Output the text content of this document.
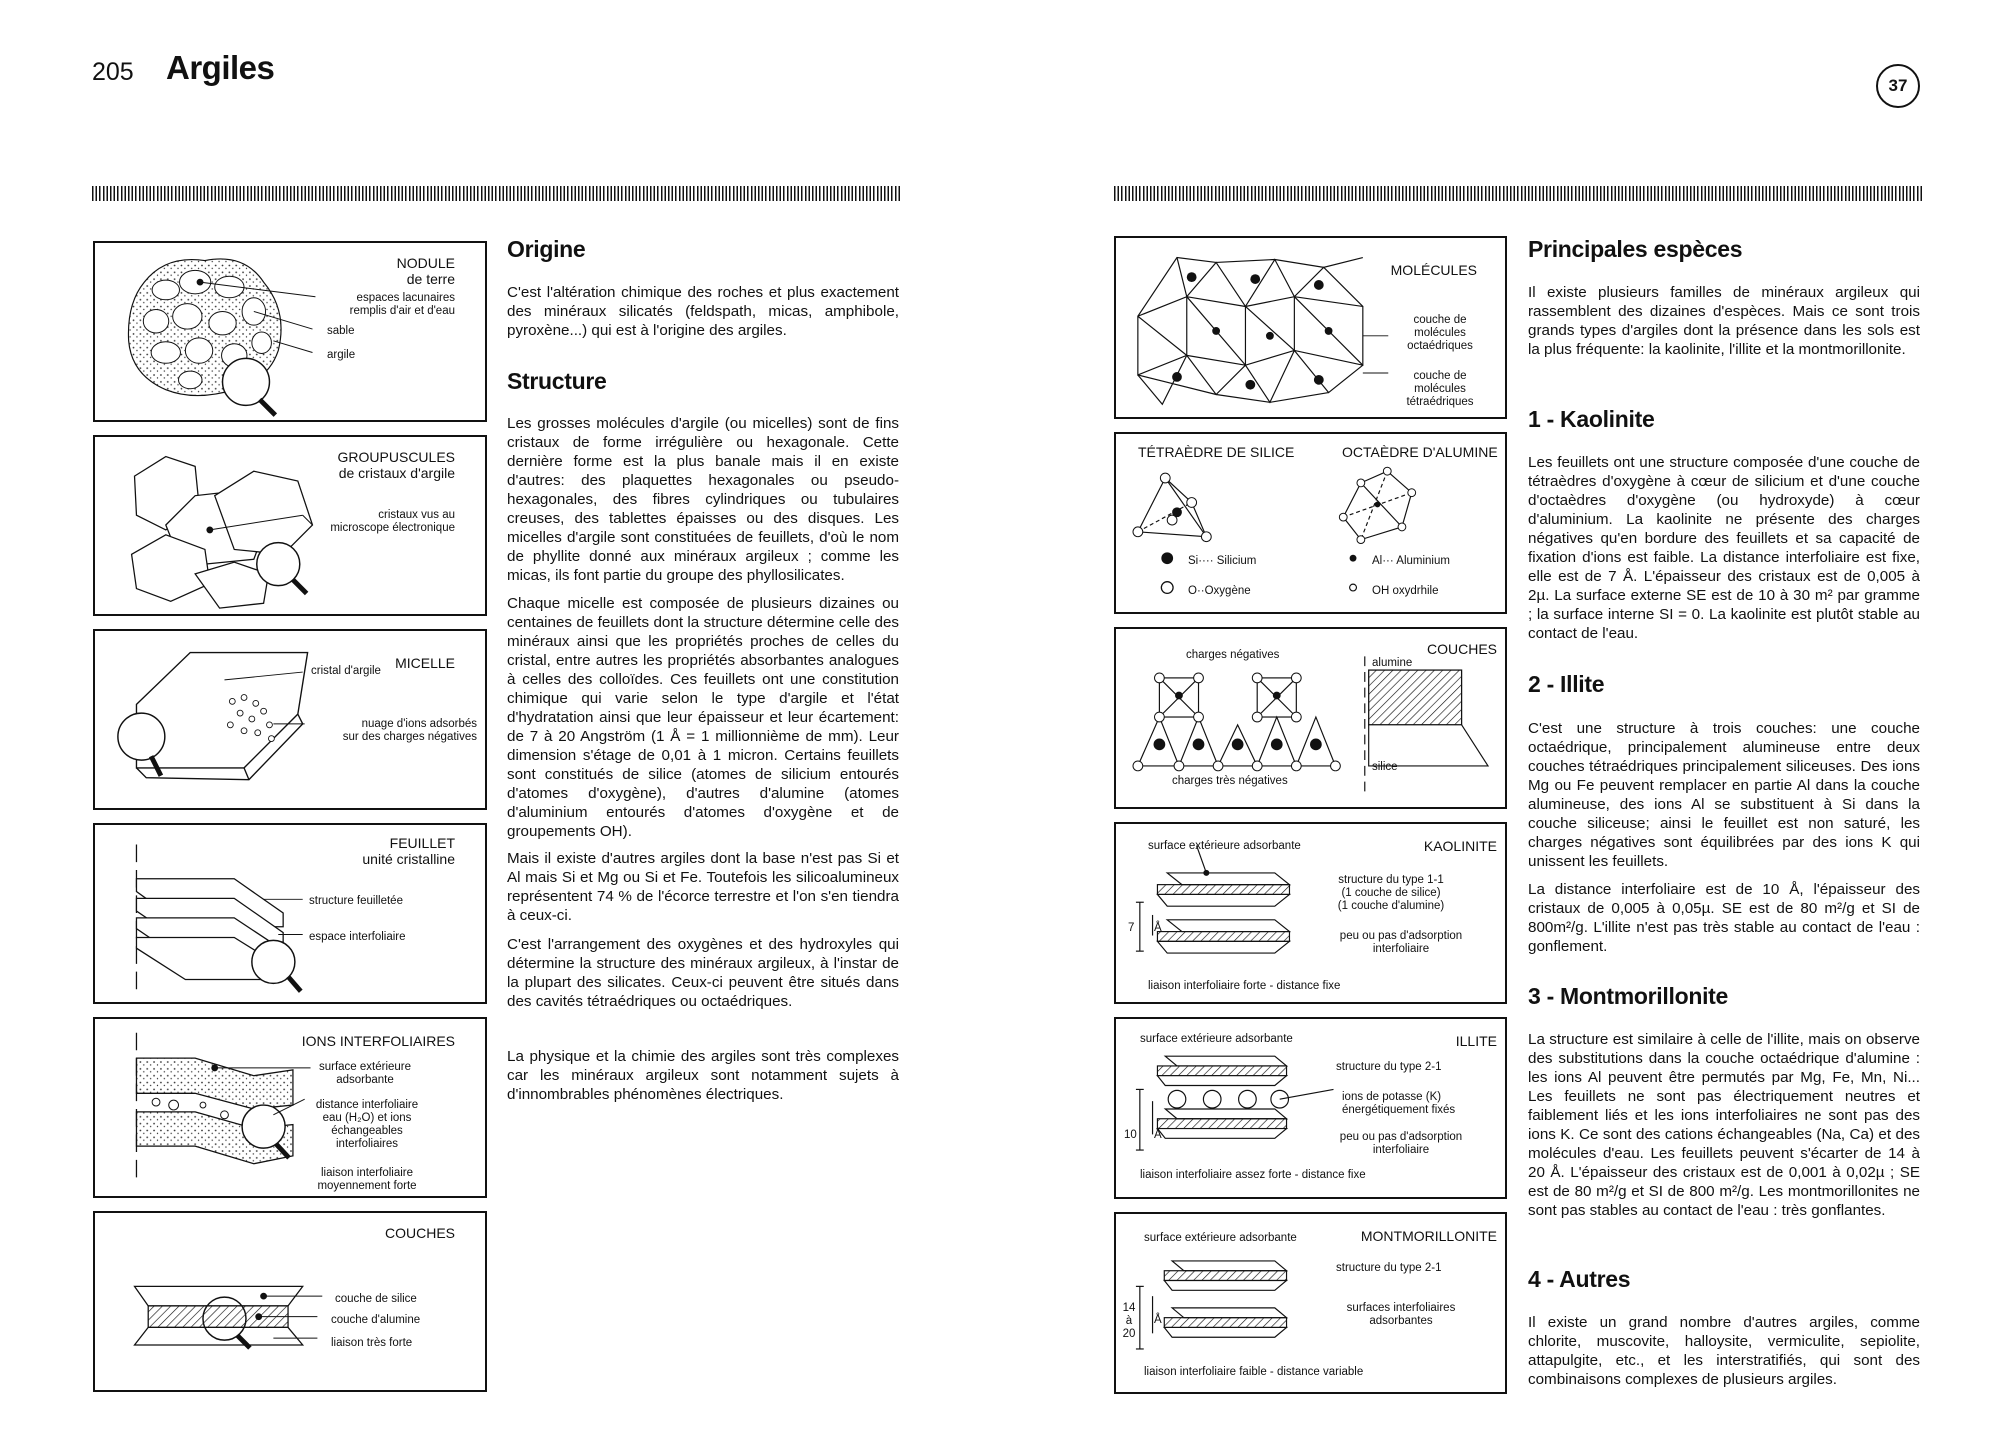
205 Argiles	37
NODULE
de terre
espaces lacunaires
remplis d'air et d'eau
sable
argile
GROUPUSCULES
de cristaux d'argile
cristaux vus au
microscope électronique
MICELLE
cristal d'argile
nuage d'ions adsorbés
sur des charges négatives
FEUILLET
unité cristalline
structure feuilletée
espace interfoliaire
IONS INTERFOLIAIRES
surface extérieure
adsorbante
distance interfoliaire
eau (H₂O) et ions
échangeables
interfoliaires
liaison interfoliaire
moyennement forte
COUCHES
couche de silice
couche d'alumine
liaison très forte
Origine

C'est l'altération chimique des roches et plus exactement des minéraux silicatés (feldspath, micas, amphibole, pyroxène...) qui est à l'origine des argiles.

Structure

Les grosses molécules d'argile (ou micelles) sont de fins cristaux de forme irrégulière ou hexagonale. Cette dernière forme est la plus banale mais il en existe d'autres: des plaquettes hexagonales ou pseudo-hexagonales, des fibres cylindriques ou tubulaires creuses, des tablettes épaisses ou des disques. Les micelles d'argile sont constituées de feuillets, d'où le nom de phyllite donné aux minéraux argileux ; comme les micas, ils font partie du groupe des phyllosilicates.

Chaque micelle est composée de plusieurs dizaines ou centaines de feuillets dont la structure détermine celle des minéraux ainsi que les propriétés proches de celles du cristal, entre autres les propriétés absorbantes analogues à celles des colloïdes. Ces feuillets ont une constitution chimique qui varie selon le type d'argile et l'état d'hydratation ainsi que leur épaisseur et leur écartement: de 7 à 20 Angström (1 Å = 1 millionnième de mm). Leur dimension s'étage de 0,01 à 1 micron. Certains feuillets sont constitués de silice (atomes de silicium entourés d'atomes d'oxygène), d'autres d'alumine (atomes d'aluminium entourés d'atomes d'oxygène et de groupements OH).

Mais il existe d'autres argiles dont la base n'est pas Si et Al mais Si et Mg ou Si et Fe. Toutefois les silicoalumineux représentent 74 % de l'écorce terrestre et l'on s'en tiendra à ceux-ci.

C'est l'arrangement des oxygènes et des hydroxyles qui détermine la structure des minéraux argileux, à l'instar de la plupart des silicates. Ceux-ci peuvent être situés dans des cavités tétraédriques ou octaédriques.

La physique et la chimie des argiles sont très complexes car les minéraux argileux sont notamment sujets à d'innombrables phénomènes électriques.

MOLÉCULES
couche de
molécules
octaédriques
couche de
molécules
tétraédriques
TÉTRAÈDRE DE SILICE	OCTAÈDRE D'ALUMINE
Si···· Silicium
O··Oxygène
Al··· Aluminium
OH oxydrhile
COUCHES
charges négatives
charges très négatives
alumine
silice
surface extérieure adsorbante	KAOLINITE
structure du type 1-1
(1 couche de silice)
(1 couche d'alumine)
peu ou pas d'adsorption
interfoliaire
7 Å
liaison interfoliaire forte - distance fixe
surface extérieure adsorbante	ILLITE
structure du type 2-1
ions de potasse (K)
énergétiquement fixés
peu ou pas d'adsorption
interfoliaire
10 Å
liaison interfoliaire assez forte - distance fixe
surface extérieure adsorbante	MONTMORILLONITE
structure du type 2-1
surfaces interfoliaires
adsorbantes
14
à
20
Å
liaison interfoliaire faible - distance variable
Principales espèces

Il existe plusieurs familles de minéraux argileux qui rassemblent des dizaines d'espèces. Mais ce sont trois grands types d'argiles dont la présence dans les sols est la plus fréquente: la kaolinite, l'illite et la montmorillonite.

1 - Kaolinite

Les feuillets ont une structure composée d'une couche de tétraèdres d'oxygène à cœur de silicium et d'une couche d'octaèdres d'oxygène (ou hydroxyde) à cœur d'aluminium. La kaolinite ne présente des charges négatives qu'en bordure des feuillets et sa capacité de fixation d'ions est faible. La distance interfoliaire est fixe, elle est de 7 Å. L'épaisseur des cristaux est de 0,005 à 2µ. La surface externe SE est de 10 à 30 m² par gramme ; la surface interne SI = 0. La kaolinite est plutôt stable au contact de l'eau.

2 - Illite

C'est une structure à trois couches: une couche octaédrique, principalement alumineuse entre deux couches tétraédriques principalement siliceuses. Des ions Mg ou Fe peuvent remplacer en partie Al dans la couche alumineuse, des ions Al se substituent à Si dans la couche siliceuse; ainsi le feuillet est non saturé, les charges négatives sont équilibrées par des ions K qui unissent les feuillets.

La distance interfoliaire est de 10 Å, l'épaisseur des cristaux de 0,005 à 0,05µ. SE est de 80 m²/g et SI de 800m²/g. L'illite n'est pas très stable au contact de l'eau : gonflement.

3 - Montmorillonite

La structure est similaire à celle de l'illite, mais on observe des substitutions dans la couche octaédrique d'alumine : les ions Al peuvent être permutés par Mg, Fe, Mn, Ni... Les feuillets ne sont pas électriquement neutres et faiblement liés et les ions interfoliaires ne sont pas des ions K. Ce sont des cations échangeables (Na, Ca) et des molécules d'eau. Les feuillets peuvent s'écarter de 14 à 20 Å. L'épaisseur des cristaux est de 0,001 à 0,02µ ; SE est de 80 m²/g et SI de 800 m²/g. Les montmorillonites ne sont pas stables au contact de l'eau : très gonflantes.

4 - Autres

Il existe un grand nombre d'autres argiles, comme chlorite, muscovite, halloysite, vermiculite, sepiolite, attapulgite, etc., et les interstratifiés, qui sont des combinaisons complexes de plusieurs argiles.
